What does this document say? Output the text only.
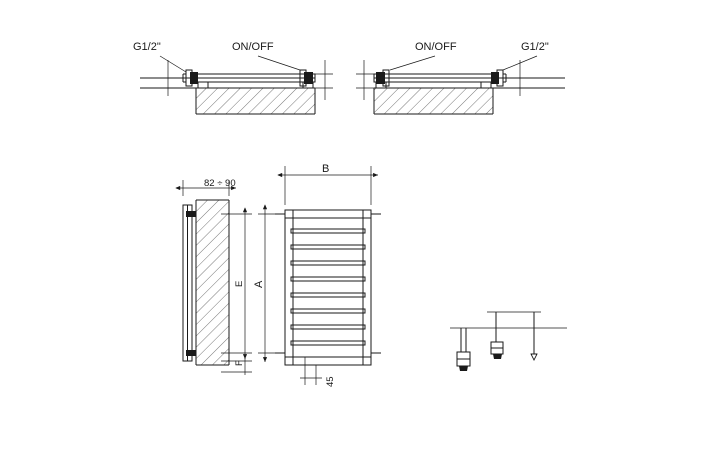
G1/2"	ON/OFF	ON/OFF	G1/2"
82 ÷ 90
B
A
E
F
45
